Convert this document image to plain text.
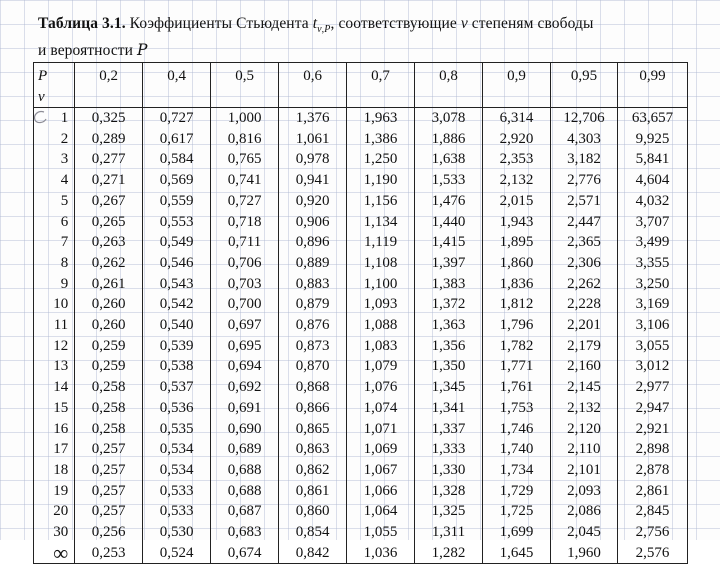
Таблица 3.1. Коэффициенты Стьюдента $t_{\nu,P}$, соответствующие ν степеням свободы
и вероятности P
P	0,2	0,4	0,5	0,6	0,7	0,8	0,9	0,95	0,99
ν									
1	0,325	0,727	1,000	1,376	1,963	3,078	6,314	12,706	63,657
2	0,289	0,617	0,816	1,061	1,386	1,886	2,920	4,303	9,925
3	0,277	0,584	0,765	0,978	1,250	1,638	2,353	3,182	5,841
4	0,271	0,569	0,741	0,941	1,190	1,533	2,132	2,776	4,604
5	0,267	0,559	0,727	0,920	1,156	1,476	2,015	2,571	4,032
6	0,265	0,553	0,718	0,906	1,134	1,440	1,943	2,447	3,707
7	0,263	0,549	0,711	0,896	1,119	1,415	1,895	2,365	3,499
8	0,262	0,546	0,706	0,889	1,108	1,397	1,860	2,306	3,355
9	0,261	0,543	0,703	0,883	1,100	1,383	1,836	2,262	3,250
10	0,260	0,542	0,700	0,879	1,093	1,372	1,812	2,228	3,169
11	0,260	0,540	0,697	0,876	1,088	1,363	1,796	2,201	3,106
12	0,259	0,539	0,695	0,873	1,083	1,356	1,782	2,179	3,055
13	0,259	0,538	0,694	0,870	1,079	1,350	1,771	2,160	3,012
14	0,258	0,537	0,692	0,868	1,076	1,345	1,761	2,145	2,977
15	0,258	0,536	0,691	0,866	1,074	1,341	1,753	2,132	2,947
16	0,258	0,535	0,690	0,865	1,071	1,337	1,746	2,120	2,921
17	0,257	0,534	0,689	0,863	1,069	1,333	1,740	2,110	2,898
18	0,257	0,534	0,688	0,862	1,067	1,330	1,734	2,101	2,878
19	0,257	0,533	0,688	0,861	1,066	1,328	1,729	2,093	2,861
20	0,257	0,533	0,687	0,860	1,064	1,325	1,725	2,086	2,845
30	0,256	0,530	0,683	0,854	1,055	1,311	1,699	2,045	2,756
∞	0,253	0,524	0,674	0,842	1,036	1,282	1,645	1,960	2,576
